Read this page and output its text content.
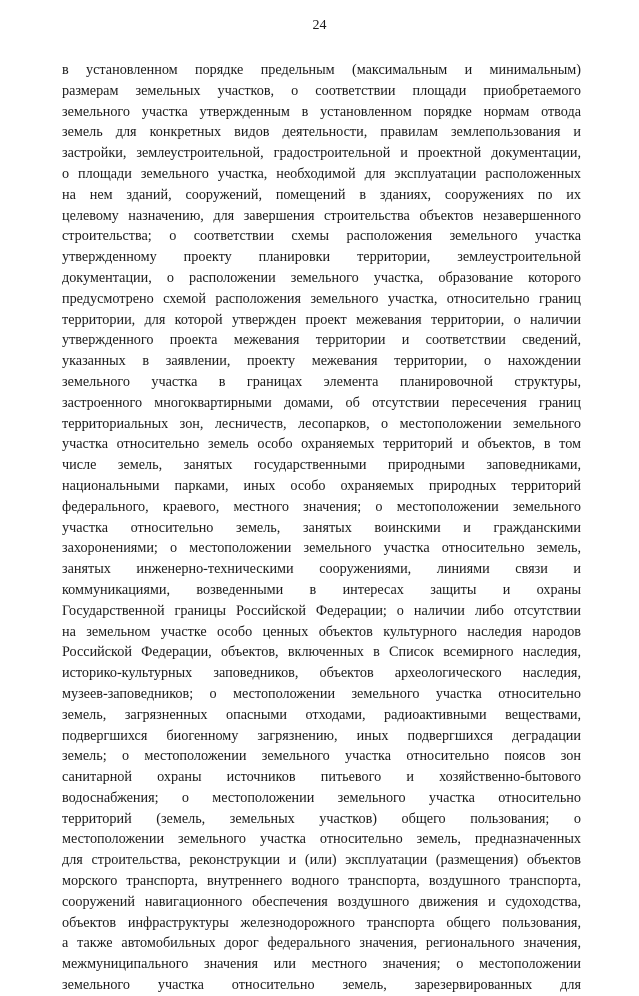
24
в установленном порядке предельным (максимальным и минимальным)
размерам земельных участков, о соответствии площади приобретаемого
земельного участка утвержденным в установленном порядке нормам отвода
земель для конкретных видов деятельности, правилам землепользования и
застройки, землеустроительной, градостроительной и проектной документации,
о площади земельного участка, необходимой для эксплуатации расположенных
на нем зданий, сооружений, помещений в зданиях, сооружениях по их
целевому назначению, для завершения строительства объектов незавершенного
строительства; о соответствии схемы расположения земельного участка
утвержденному проекту планировки территории, землеустроительной
документации, о расположении земельного участка, образование которого
предусмотрено схемой расположения земельного участка, относительно границ
территории, для которой утвержден проект межевания территории, о наличии
утвержденного проекта межевания территории и соответствии сведений,
указанных в заявлении, проекту межевания территории, о нахождении
земельного участка в границах элемента планировочной структуры,
застроенного многоквартирными домами, об отсутствии пересечения границ
территориальных зон, лесничеств, лесопарков, о местоположении земельного
участка относительно земель особо охраняемых территорий и объектов, в том
числе земель, занятых государственными природными заповедниками,
национальными парками, иных особо охраняемых природных территорий
федерального, краевого, местного значения; о местоположении земельного
участка относительно земель, занятых воинскими и гражданскими
захоронениями; о местоположении земельного участка относительно земель,
занятых инженерно-техническими сооружениями, линиями связи и
коммуникациями, возведенными в интересах защиты и охраны
Государственной границы Российской Федерации; о наличии либо отсутствии
на земельном участке особо ценных объектов культурного наследия народов
Российской Федерации, объектов, включенных в Список всемирного наследия,
историко-культурных заповедников, объектов археологического наследия,
музеев-заповедников; о местоположении земельного участка относительно
земель, загрязненных опасными отходами, радиоактивными веществами,
подвергшихся биогенному загрязнению, иных подвергшихся деградации
земель; о местоположении земельного участка относительно поясов зон
санитарной охраны источников питьевого и хозяйственно-бытового
водоснабжения; о местоположении земельного участка относительно
территорий (земель, земельных участков) общего пользования; о
местоположении земельного участка относительно земель, предназначенных
для строительства, реконструкции и (или) эксплуатации (размещения) объектов
морского транспорта, внутреннего водного транспорта, воздушного транспорта,
сооружений навигационного обеспечения воздушного движения и судоходства,
объектов инфраструктуры железнодорожного транспорта общего пользования,
а также автомобильных дорог федерального значения, регионального значения,
межмуниципального значения или местного значения; о местоположении
земельного участка относительно земель, зарезервированных для
